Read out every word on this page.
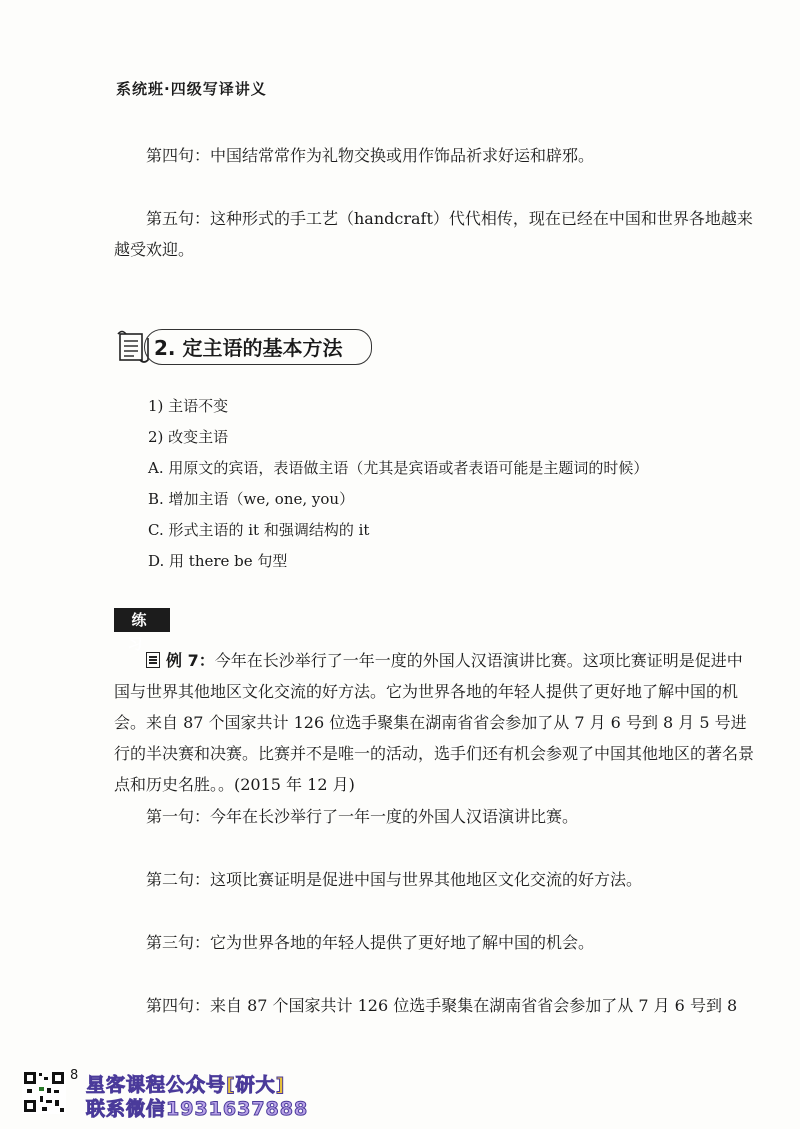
系统班·四级写译讲义
第四句：中国结常常作为礼物交换或用作饰品祈求好运和辟邪。
第五句：这种形式的手工艺（handcraft）代代相传，现在已经在中国和世界各地越来越受欢迎。
2. 定主语的基本方法
1) 主语不变
2) 改变主语
A. 用原文的宾语，表语做主语（尤其是宾语或者表语可能是主题词的时候）
B. 增加主语（we, one, you）
C. 形式主语的 it 和强调结构的 it
D. 用 there be 句型
练 习
例 7：今年在长沙举行了一年一度的外国人汉语演讲比赛。这项比赛证明是促进中国与世界其他地区文化交流的好方法。它为世界各地的年轻人提供了更好地了解中国的机会。来自 87 个国家共计 126 位选手聚集在湖南省省会参加了从 7 月 6 号到 8 月 5 号进行的半决赛和决赛。比赛并不是唯一的活动，选手们还有机会参观了中国其他地区的著名景点和历史名胜。。(2015 年 12 月)
第一句：今年在长沙举行了一年一度的外国人汉语演讲比赛。
第二句：这项比赛证明是促进中国与世界其他地区文化交流的好方法。
第三句：它为世界各地的年轻人提供了更好地了解中国的机会。
第四句：来自 87 个国家共计 126 位选手聚集在湖南省省会参加了从 7 月 6 号到 8
8 星客课程公众号[研大]
联系微信1931637888
